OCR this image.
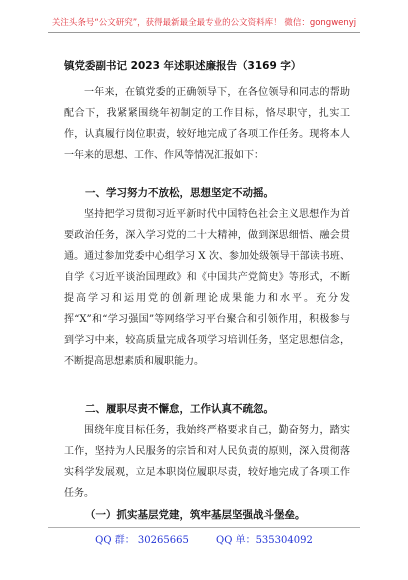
关注头条号“公文研究”，获得最新最全最专业的公文资料库！ 微信：gongwenyj
镇党委副书记 2023 年述职述廉报告（3169 字）

一年来，在镇党委的正确领导下，在各位领导和同志的帮助配合下，我紧紧围绕年初制定的工作目标，恪尽职守，扎实工作，认真履行岗位职责，较好地完成了各项工作任务。现将本人一年来的思想、工作、作风等情况汇报如下：

一、学习努力不放松，思想坚定不动摇。

坚持把学习贯彻习近平新时代中国特色社会主义思想作为首要政治任务，深入学习党的二十大精神，做到深思细悟、融会贯通。通过参加党委中心组学习 X 次、参加处级领导干部读书班、自学《习近平谈治国理政》和《中国共产党简史》等形式，不断提高学习和运用党的创新理论成果能力和水平。充分发挥“X”和“学习强国”等网络学习平台聚合和引领作用，积极参与到学习中来，较高质量完成各项学习培训任务，坚定思想信念，不断提高思想素质和履职能力。

二、履职尽责不懈怠，工作认真不疏忽。

围绕年度目标任务，我始终严格要求自己，勤奋努力，踏实工作，坚持为人民服务的宗旨和对人民负责的原则，深入贯彻落实科学发展观，立足本职岗位履职尽责，较好地完成了各项工作任务。

（一）抓实基层党建，筑牢基层坚强战斗堡垒。

QQ 群： 30265665	QQ 单：535304092
